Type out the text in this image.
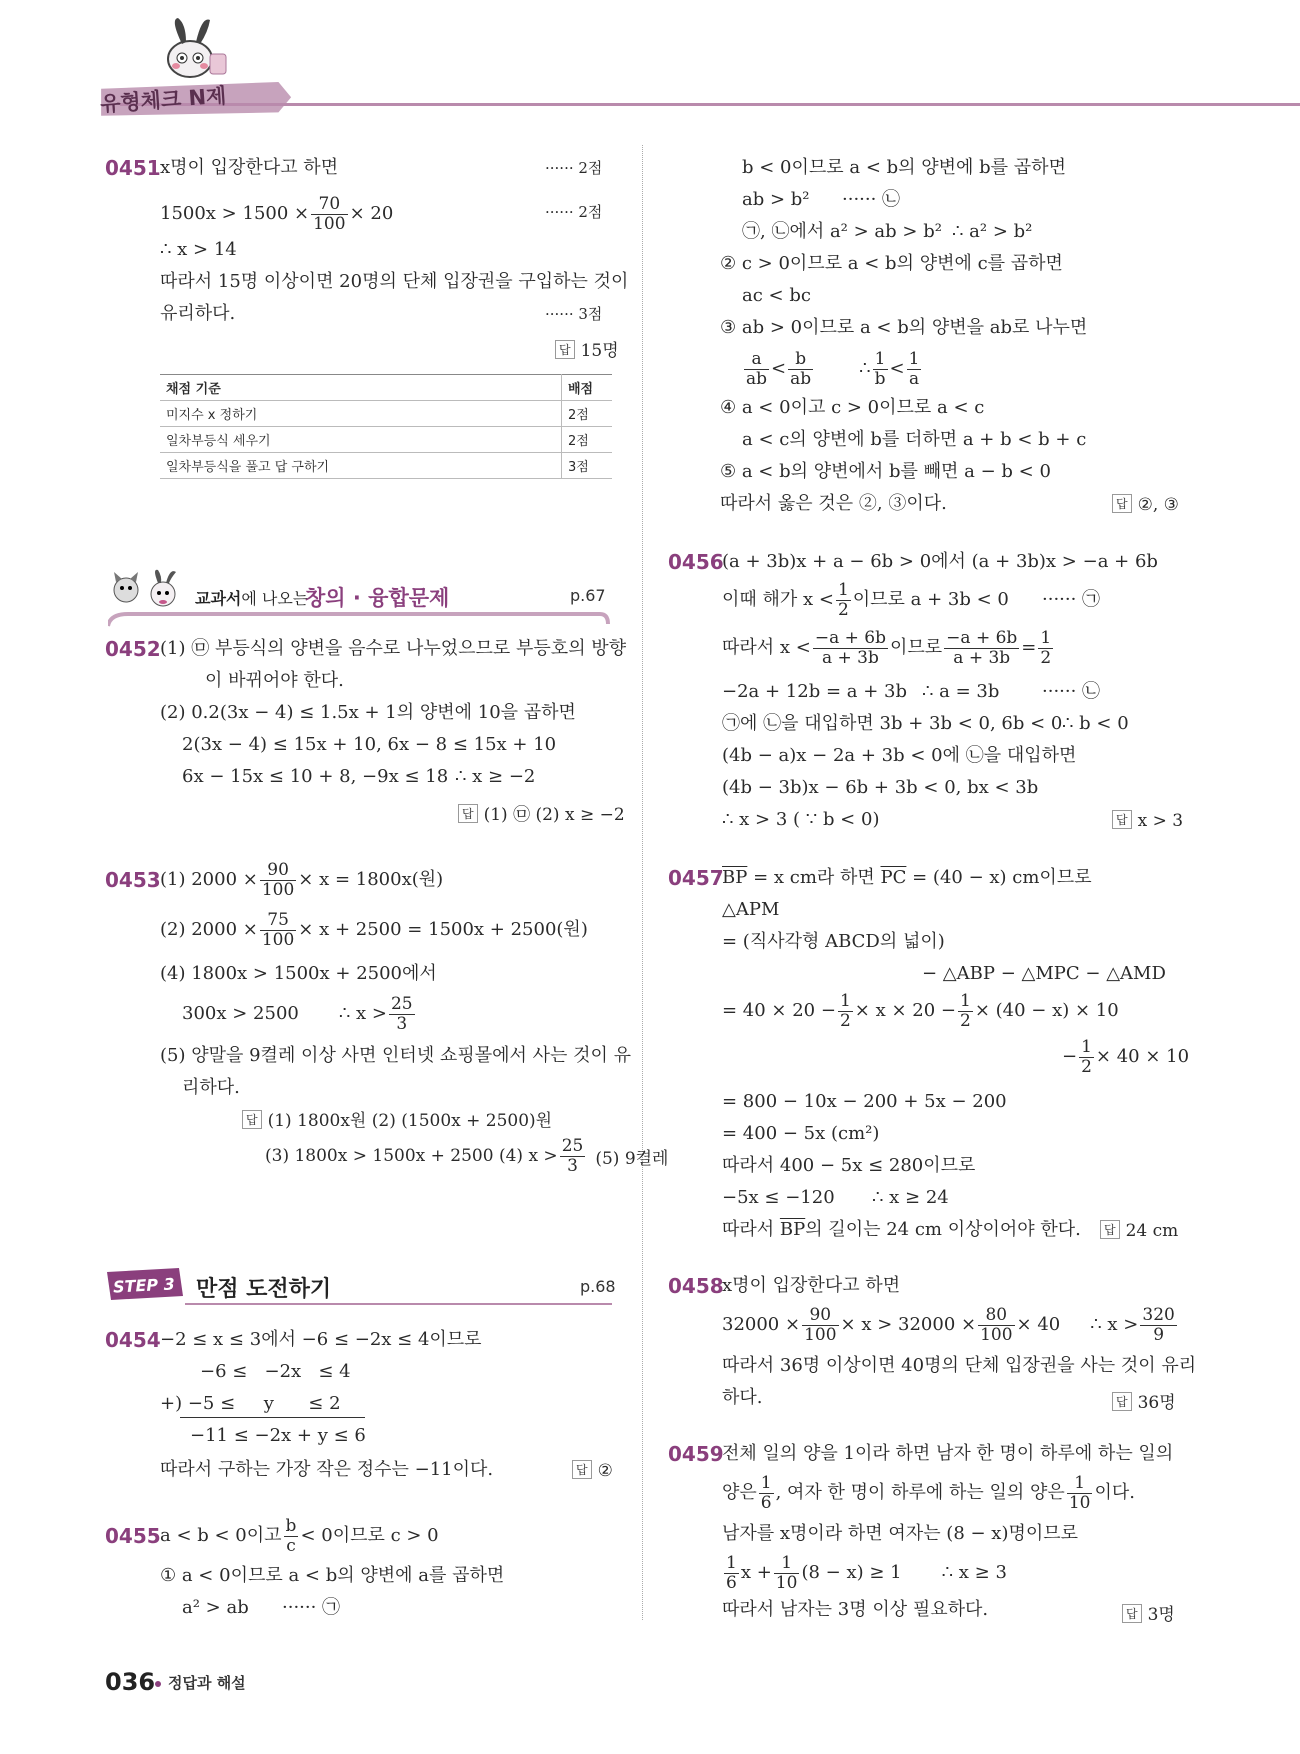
유형체크 N제
0451 x명이 입장한다고 하면	······ 2점
$1500x > 1500 \times \frac{70}{100} \times 20$	······ 2점
∴ x > 14
따라서 15명 이상이면 20명의 단체 입장권을 구입하는 것이
유리하다.	······ 3점
답 15명
채점 기준	배점
미지수 x 정하기	2점
일차부등식 세우기	2점
일차부등식을 풀고 답 구하기	3점
교과서에 나오는
창의 · 융합문제	p.67
0452 (1) ㉤ 부등식의 양변을 음수로 나누었으므로 부등호의 방향
이 바뀌어야 한다.
(2) 0.2(3x − 4) ≤ 1.5x + 1의 양변에 10을 곱하면
2(3x − 4) ≤ 15x + 10, 6x − 8 ≤ 15x + 10
6x − 15x ≤ 10 + 8, −9x ≤ 18 ∴ x ≥ −2
답 (1) ㉤ (2) x ≥ −2
0453 (1) $2000 \times \frac{90}{100} \times x = 1800x$(원)
(2) $2000 \times \frac{75}{100} \times x + 2500 = 1500x + 2500$(원)
(4) 1800x > 1500x + 2500에서
300x > 2500 ∴ $x > \frac{25}{3}$
(5) 양말을 9켤레 이상 사면 인터넷 쇼핑몰에서 사는 것이 유
리하다.
답 (1) 1800x원 (2) (1500x + 2500)원
(3) 1800x > 1500x + 2500 (4) $x > \frac{25}{3} (5)$ 9켤레
STEP 3 만점 도전하기	p.68
0454 −2 ≤ x ≤ 3에서 −6 ≤ −2x ≤ 4이므로
−6 ≤   −2x   ≤ 4
+) −5 ≤     y      ≤ 2
−11 ≤ −2x + y ≤ 6
따라서 구하는 가장 작은 정수는 −11이다.	답 ②
0455 a < b < 0이고 $\frac{b}{c} < 0$이므로 c > 0
① a < 0이므로 a < b의 양변에 a를 곱하면
a² > ab ······ ㉠
036 정답과 해설
b < 0이므로 a < b의 양변에 b를 곱하면
ab > b² ······ ㉡
㉠, ㉡에서 a² > ab > b² ∴ a² > b²
② c > 0이므로 a < b의 양변에 c를 곱하면
ac < bc
③ ab > 0이므로 a < b의 양변을 ab로 나누면
$\frac{a}{ab} < \frac{b}{ab}$	∴ $\frac{1}{b} < \frac{1}{a}$
④ a < 0이고 c > 0이므로 a < c
a < c의 양변에 b를 더하면 a + b < b + c
⑤ a < b의 양변에서 b를 빼면 a − b < 0
따라서 옳은 것은 ②, ③이다.	답 ②, ③
0456
(a + 3b)x + a − 6b > 0에서 (a + 3b)x > −a + 6b
이때 해가 $x < \frac{1}{2}$ 이므로 a + 3b < 0 ······ ㉠
따라서 $x < \frac{-a + 6b}{a + 3b}$ 이므로 $\frac{-a + 6b}{a + 3b} = \frac{1}{2}$
−2a + 12b = a + 3b ∴ a = 3b ······ ㉡
㉠에 ㉡을 대입하면 3b + 3b < 0, 6b < 0 ∴ b < 0
(4b − a)x − 2a + 3b < 0에 ㉡을 대입하면
(4b − 3b)x − 6b + 3b < 0, bx < 3b
∴ x > 3 ( ∵ b < 0)	답 x > 3
0457
$\overline{BP} = x$ cm라 하면 $\overline{PC} = (40 - x)$ cm이므로
△APM
= (직사각형 ABCD의 넓이)
− △ABP − △MPC − △AMD
= $40 \times 20 - \frac{1}{2} \times x \times 20 - \frac{1}{2} \times (40 - x) \times 10$
− $\frac{1}{2} \times 40 \times 10$
= 800 − 10x − 200 + 5x − 200
= 400 − 5x (cm²)
따라서 400 − 5x ≤ 280이므로
−5x ≤ −120 ∴ x ≥ 24
따라서 $\overline{BP}$의 길이는 24 cm 이상이어야 한다.	답 24 cm
0458
x명이 입장한다고 하면
$32000 \times \frac{90}{100} \times x > 32000 \times \frac{80}{100} \times 40$ ∴ $x > \frac{320}{9}$
따라서 36명 이상이면 40명의 단체 입장권을 사는 것이 유리
하다.	답 36명
0459
전체 일의 양을 1이라 하면 남자 한 명이 하루에 하는 일의
양은 $\frac{1}{6}$ , 여자 한 명이 하루에 하는 일의 양은 $\frac{1}{10}$ 이다.
남자를 x명이라 하면 여자는 (8 − x)명이므로
$\frac{1}{6}$ $x + \frac{1}{10} (8 - x) \ge 1$ ∴ x ≥ 3
따라서 남자는 3명 이상 필요하다.	답 3명
